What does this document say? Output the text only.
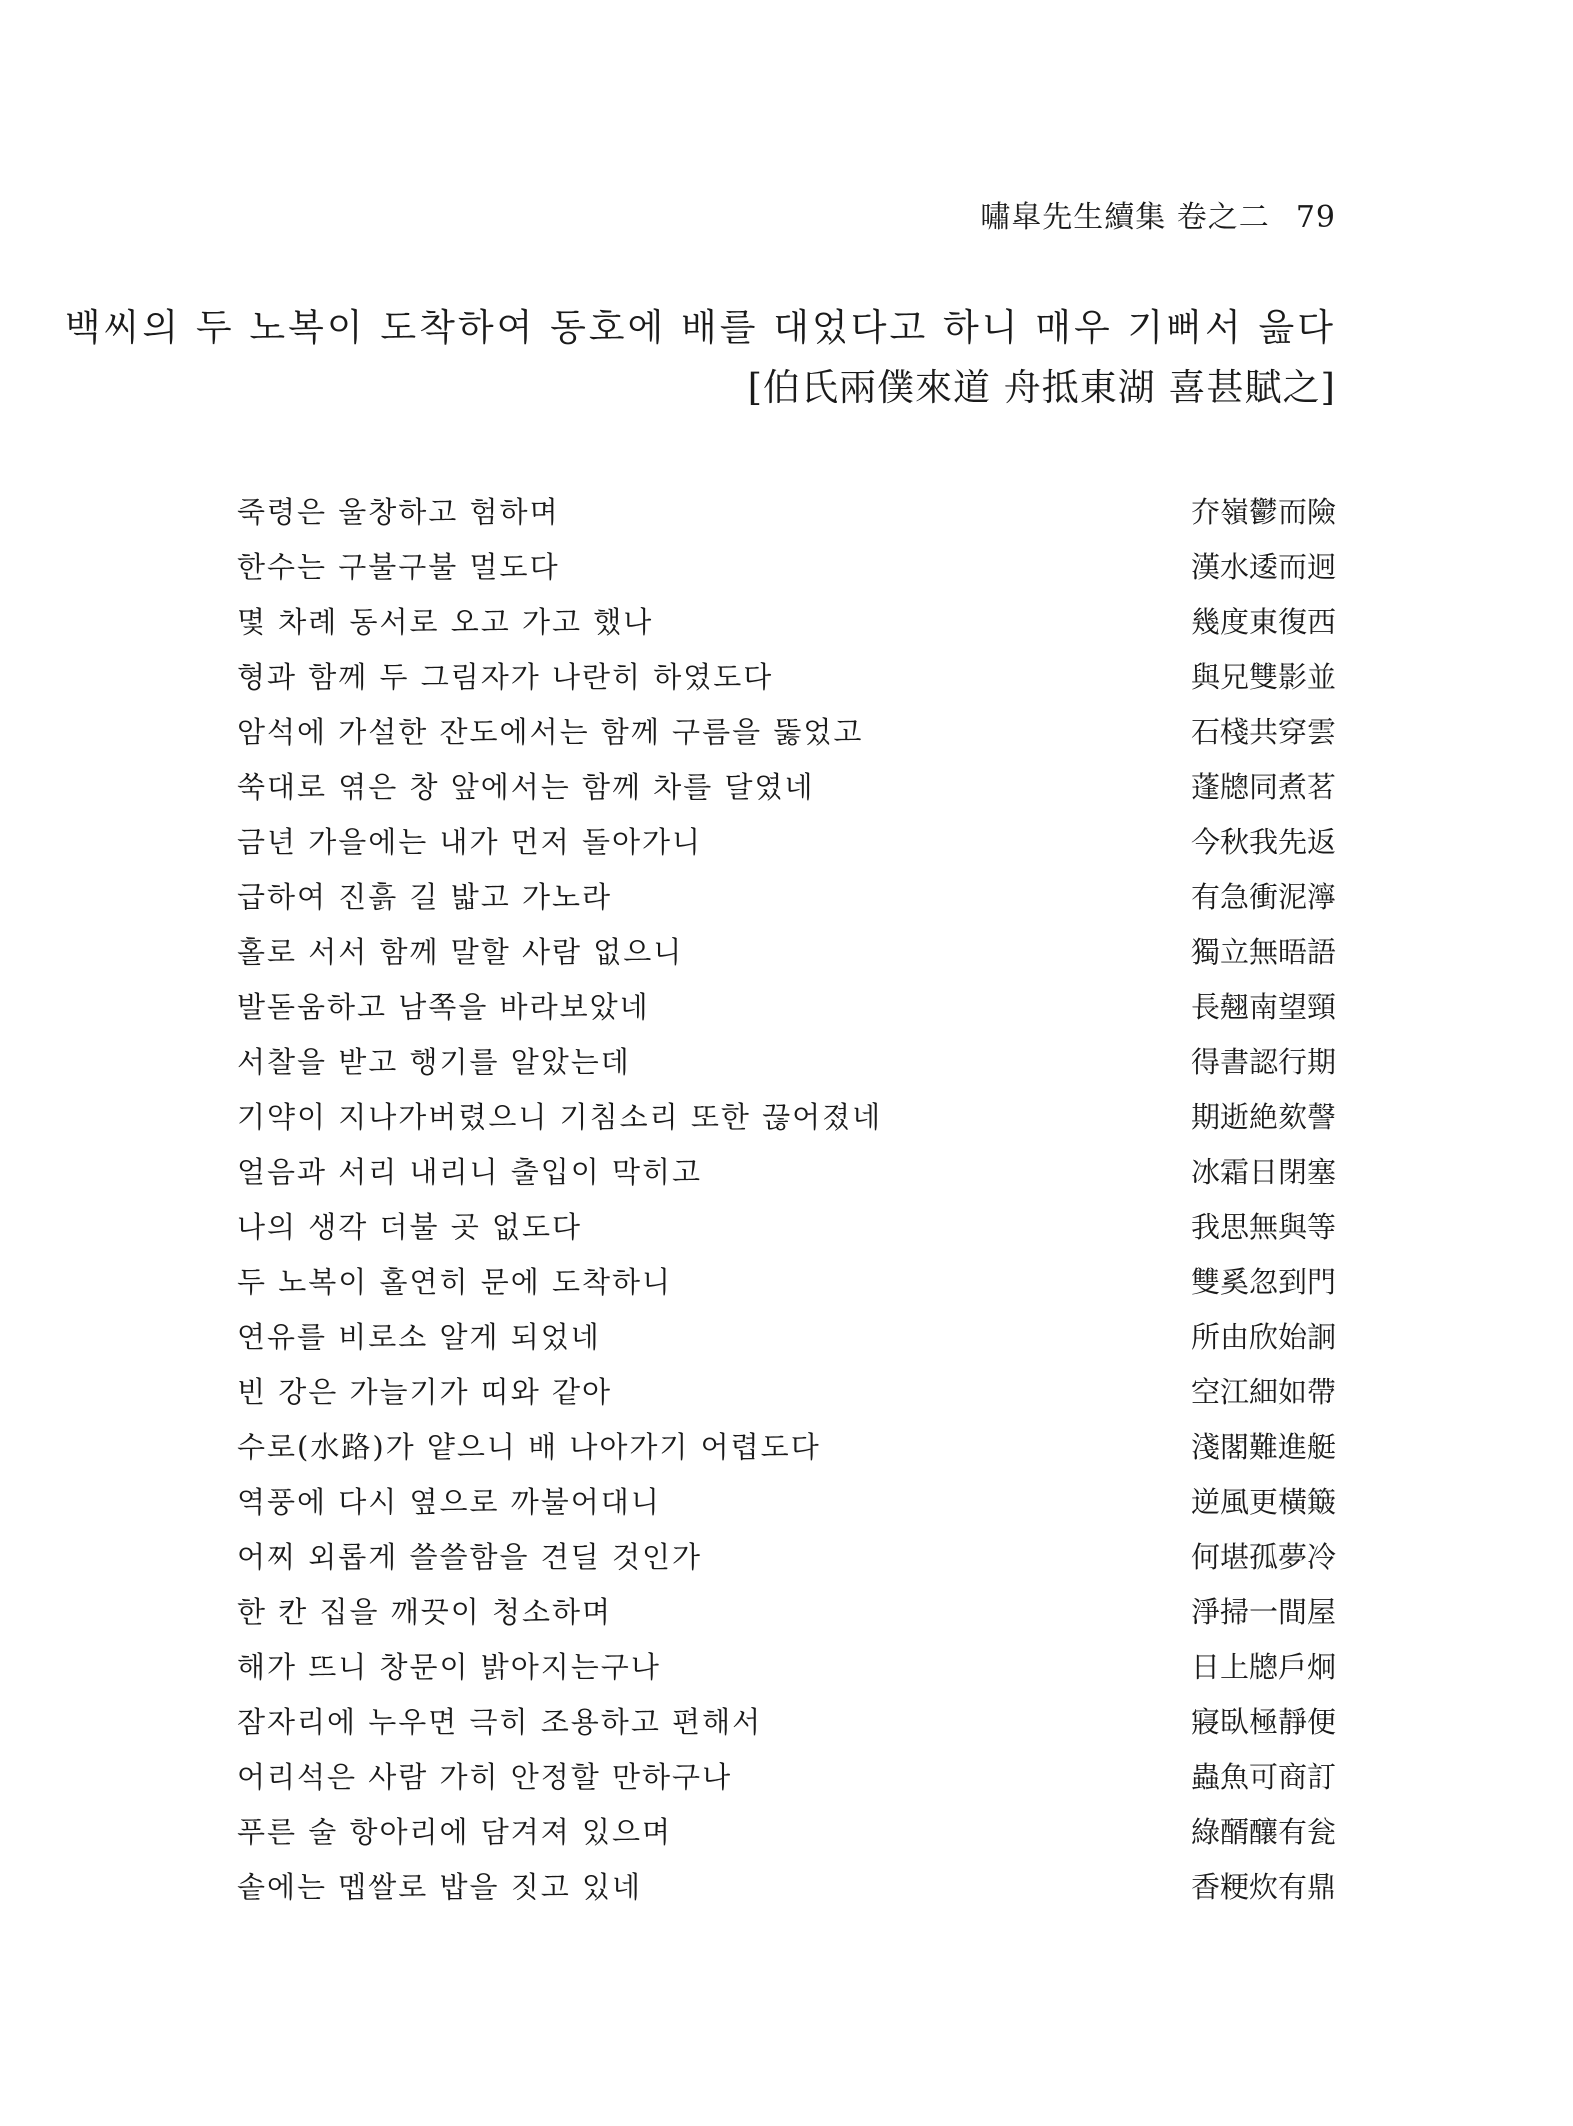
嘯皐先生續集 卷之二 79
백씨의 두 노복이 도착하여 동호에 배를 대었다고 하니 매우 기뻐서 읊다
[伯氏兩僕來道 舟抵東湖 喜甚賦之]
죽령은 울창하고 험하며	夰嶺鬱而險
한수는 구불구불 멀도다	漢水逶而迥
몇 차례 동서로 오고 가고 했나	幾度東復西
형과 함께 두 그림자가 나란히 하였도다	與兄雙影並
암석에 가설한 잔도에서는 함께 구름을 뚫었고	石棧共穿雲
쑥대로 엮은 창 앞에서는 함께 차를 달였네	蓬牕同煮茗
금년 가을에는 내가 먼저 돌아가니	今秋我先返
급하여 진흙 길 밟고 가노라	有急衝泥濘
홀로 서서 함께 말할 사람 없으니	獨立無晤語
발돋움하고 남쪽을 바라보았네	長翹南望頸
서찰을 받고 행기를 알았는데	得書認行期
기약이 지나가버렸으니 기침소리 또한 끊어졌네	期逝絶欬謦
얼음과 서리 내리니 출입이 막히고	冰霜日閉塞
나의 생각 더불 곳 없도다	我思無與等
두 노복이 홀연히 문에 도착하니	雙奚忽到門
연유를 비로소 알게 되었네	所由欣始詗
빈 강은 가늘기가 띠와 같아	空江細如帶
수로(水路)가 얕으니 배 나아가기 어렵도다	淺閣難進艇
역풍에 다시 옆으로 까불어대니	逆風更橫簸
어찌 외롭게 쓸쓸함을 견딜 것인가	何堪孤夢冷
한 칸 집을 깨끗이 청소하며	淨掃一間屋
해가 뜨니 창문이 밝아지는구나	日上牕戶炯
잠자리에 누우면 극히 조용하고 편해서	寢臥極靜便
어리석은 사람 가히 안정할 만하구나	蟲魚可商訂
푸른 술 항아리에 담겨져 있으며	綠醑釀有瓮
솥에는 멥쌀로 밥을 짓고 있네	香粳炊有鼎
